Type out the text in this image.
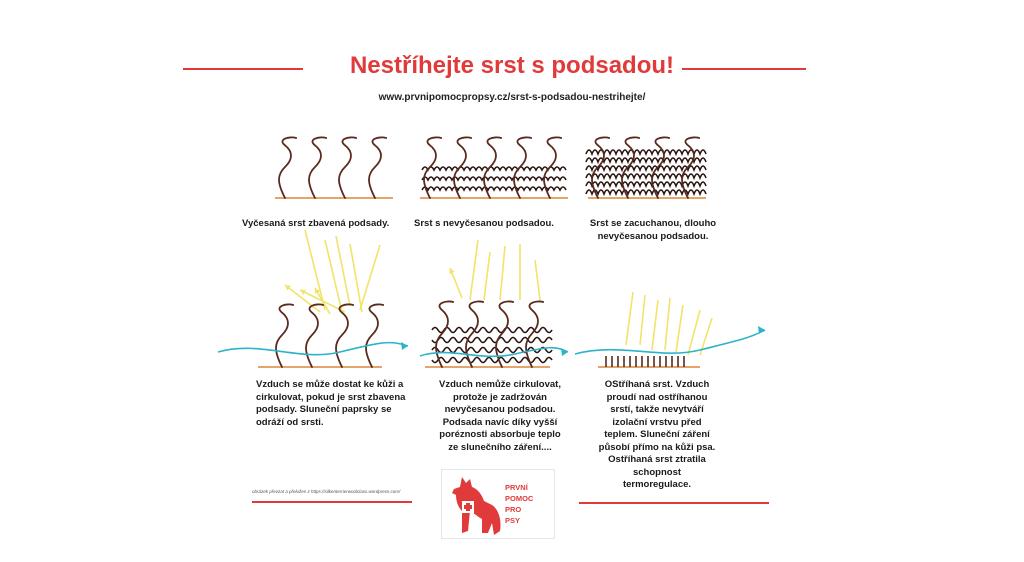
Nestříhejte srst s podsadou!
www.prvnipomocpropsy.cz/srst-s-podsadou-nestrihejte/
Vyčesaná srst zbavená podsady.	Srst s nevyčesanou podsadou.	Srst se zacuchanou, dlouho
nevyčesanou podsadou.
Vzduch se může dostat ke kůži a
cirkulovat, pokud je srst zbavena
podsady. Sluneční paprsky se
odráží od srsti.
Vzduch nemůže cirkulovat,
protože je zadržován
nevyčesanou podsadou.
Podsada navíc díky vyšší
poréznosti absorbuje teplo
ze slunečního záření....
OStříhaná srst. Vzduch
proudí nad ostříhanou
srstí, takže nevytváří
izolační vrstvu před
teplem. Sluneční záření
působí přímo na kůži psa.
Ostříhaná srst ztratila
schopnost
termoregulace.
obrázek převzat a přeložen z https://silkenterrierwoolclass.wordpress.com/	PRVNÍ
POMOC
PRO
PSY
